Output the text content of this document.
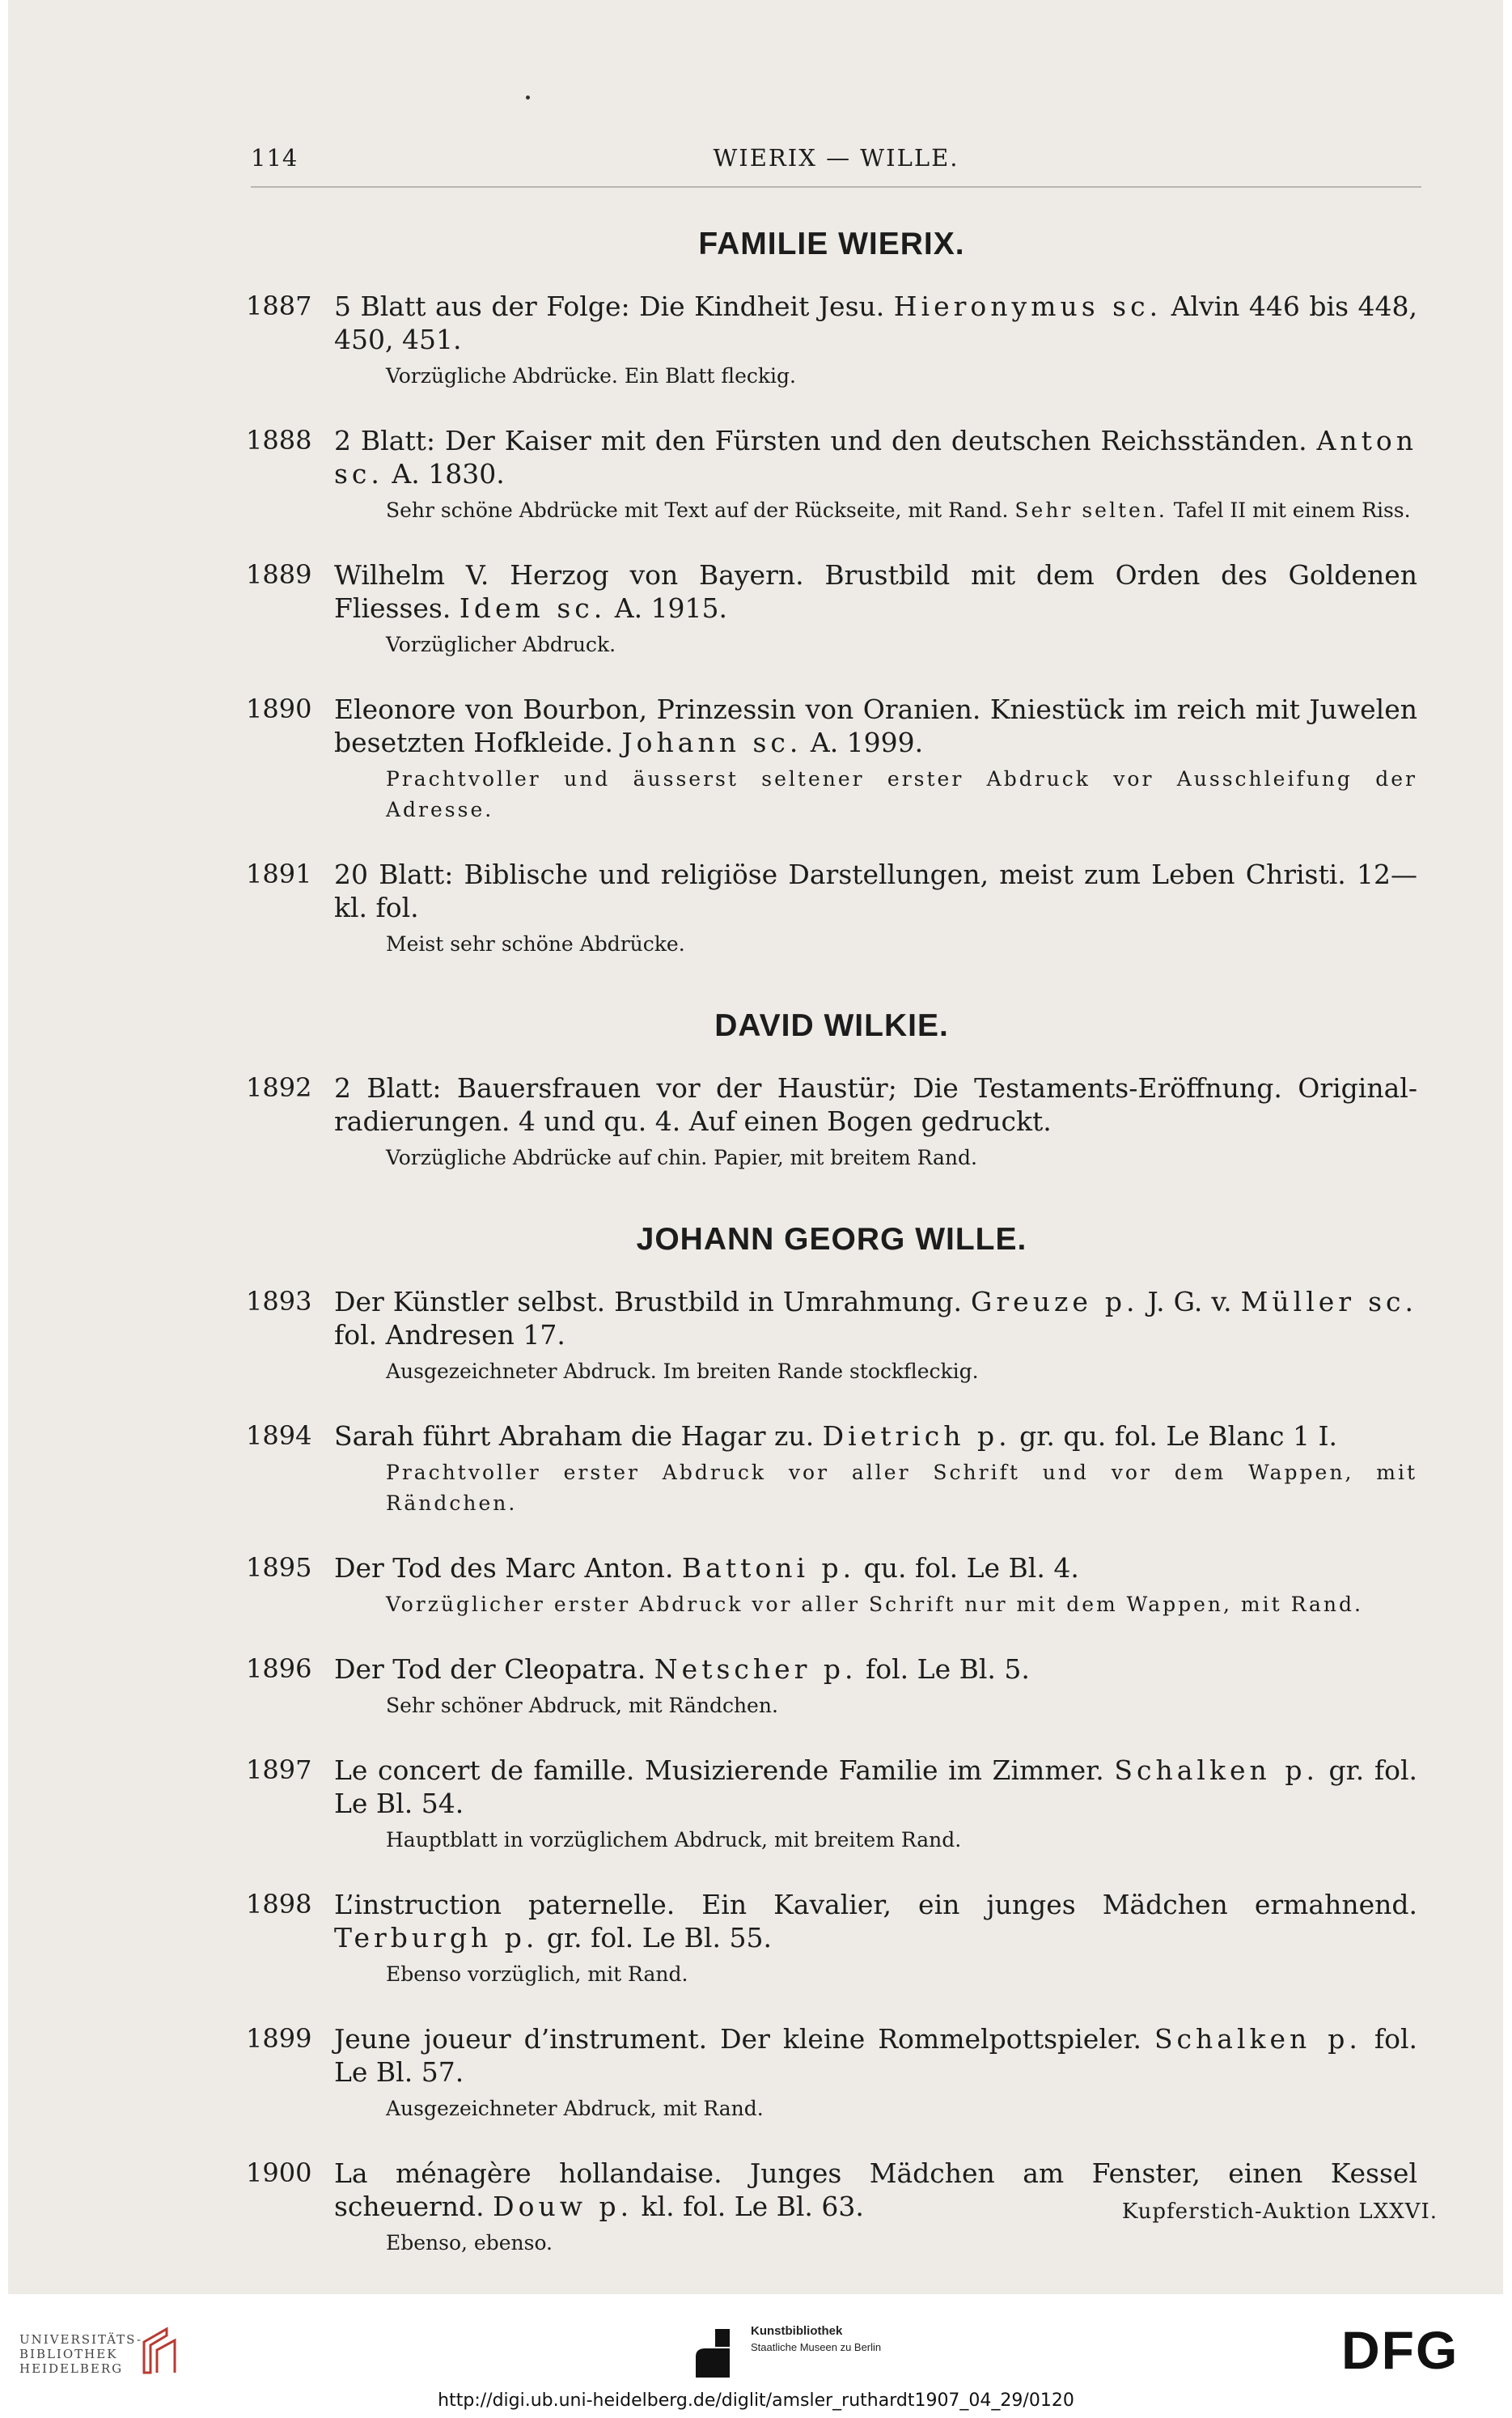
114	WIERIX — WILLE.
FAMILIE WIERIX.
1887 5 Blatt aus der Folge: Die Kindheit Jesu. Hieronymus sc. Alvin 446 bis 448, 450, 451.
Vorzügliche Abdrücke. Ein Blatt fleckig.
1888 2 Blatt: Der Kaiser mit den Fürsten und den deutschen Reichsständen. Anton sc. A. 1830.
Sehr schöne Abdrücke mit Text auf der Rückseite, mit Rand. Sehr selten. Tafel II mit einem Riss.
1889 Wilhelm V. Herzog von Bayern. Brustbild mit dem Orden des Goldenen Fliesses. Idem sc. A. 1915.
Vorzüglicher Abdruck.
1890 Eleonore von Bourbon, Prinzessin von Oranien. Kniestück im reich mit Juwelen besetzten Hofkleide. Johann sc. A. 1999.
Prachtvoller und äusserst seltener erster Abdruck vor Ausschleifung der Adresse.
1891 20 Blatt: Biblische und religiöse Darstellungen, meist zum Leben Christi. 12—kl. fol.
Meist sehr schöne Abdrücke.
DAVID WILKIE.
1892 2 Blatt: Bauersfrauen vor der Haustür; Die Testaments-Eröffnung. Original-radierungen. 4 und qu. 4. Auf einen Bogen gedruckt.
Vorzügliche Abdrücke auf chin. Papier, mit breitem Rand.
JOHANN GEORG WILLE.
1893 Der Künstler selbst. Brustbild in Umrahmung. Greuze p. J. G. v. Müller sc. fol. Andresen 17.
Ausgezeichneter Abdruck. Im breiten Rande stockfleckig.
1894 Sarah führt Abraham die Hagar zu. Dietrich p. gr. qu. fol. Le Blanc 1 I.
Prachtvoller erster Abdruck vor aller Schrift und vor dem Wappen, mit Rändchen.
1895 Der Tod des Marc Anton. Battoni p. qu. fol. Le Bl. 4.
Vorzüglicher erster Abdruck vor aller Schrift nur mit dem Wappen, mit Rand.
1896 Der Tod der Cleopatra. Netscher p. fol. Le Bl. 5.
Sehr schöner Abdruck, mit Rändchen.
1897 Le concert de famille. Musizierende Familie im Zimmer. Schalken p. gr. fol. Le Bl. 54.
Hauptblatt in vorzüglichem Abdruck, mit breitem Rand.
1898 L’instruction paternelle. Ein Kavalier, ein junges Mädchen ermahnend. Terburgh p. gr. fol. Le Bl. 55.
Ebenso vorzüglich, mit Rand.
1899 Jeune joueur d’instrument. Der kleine Rommelpottspieler. Schalken p. fol. Le Bl. 57.
Ausgezeichneter Abdruck, mit Rand.
1900 La ménagère hollandaise. Junges Mädchen am Fenster, einen Kessel scheuernd. Douw p. kl. fol. Le Bl. 63.
Ebenso, ebenso.
Kupferstich-Auktion LXXVI.
UNIVERSITÄTS-
BIBLIOTHEK
HEIDELBERG
Kunstbibliothek
Staatliche Museen zu Berlin	DFG
http://digi.ub.uni-heidelberg.de/diglit/amsler_ruthardt1907_04_29/0120
